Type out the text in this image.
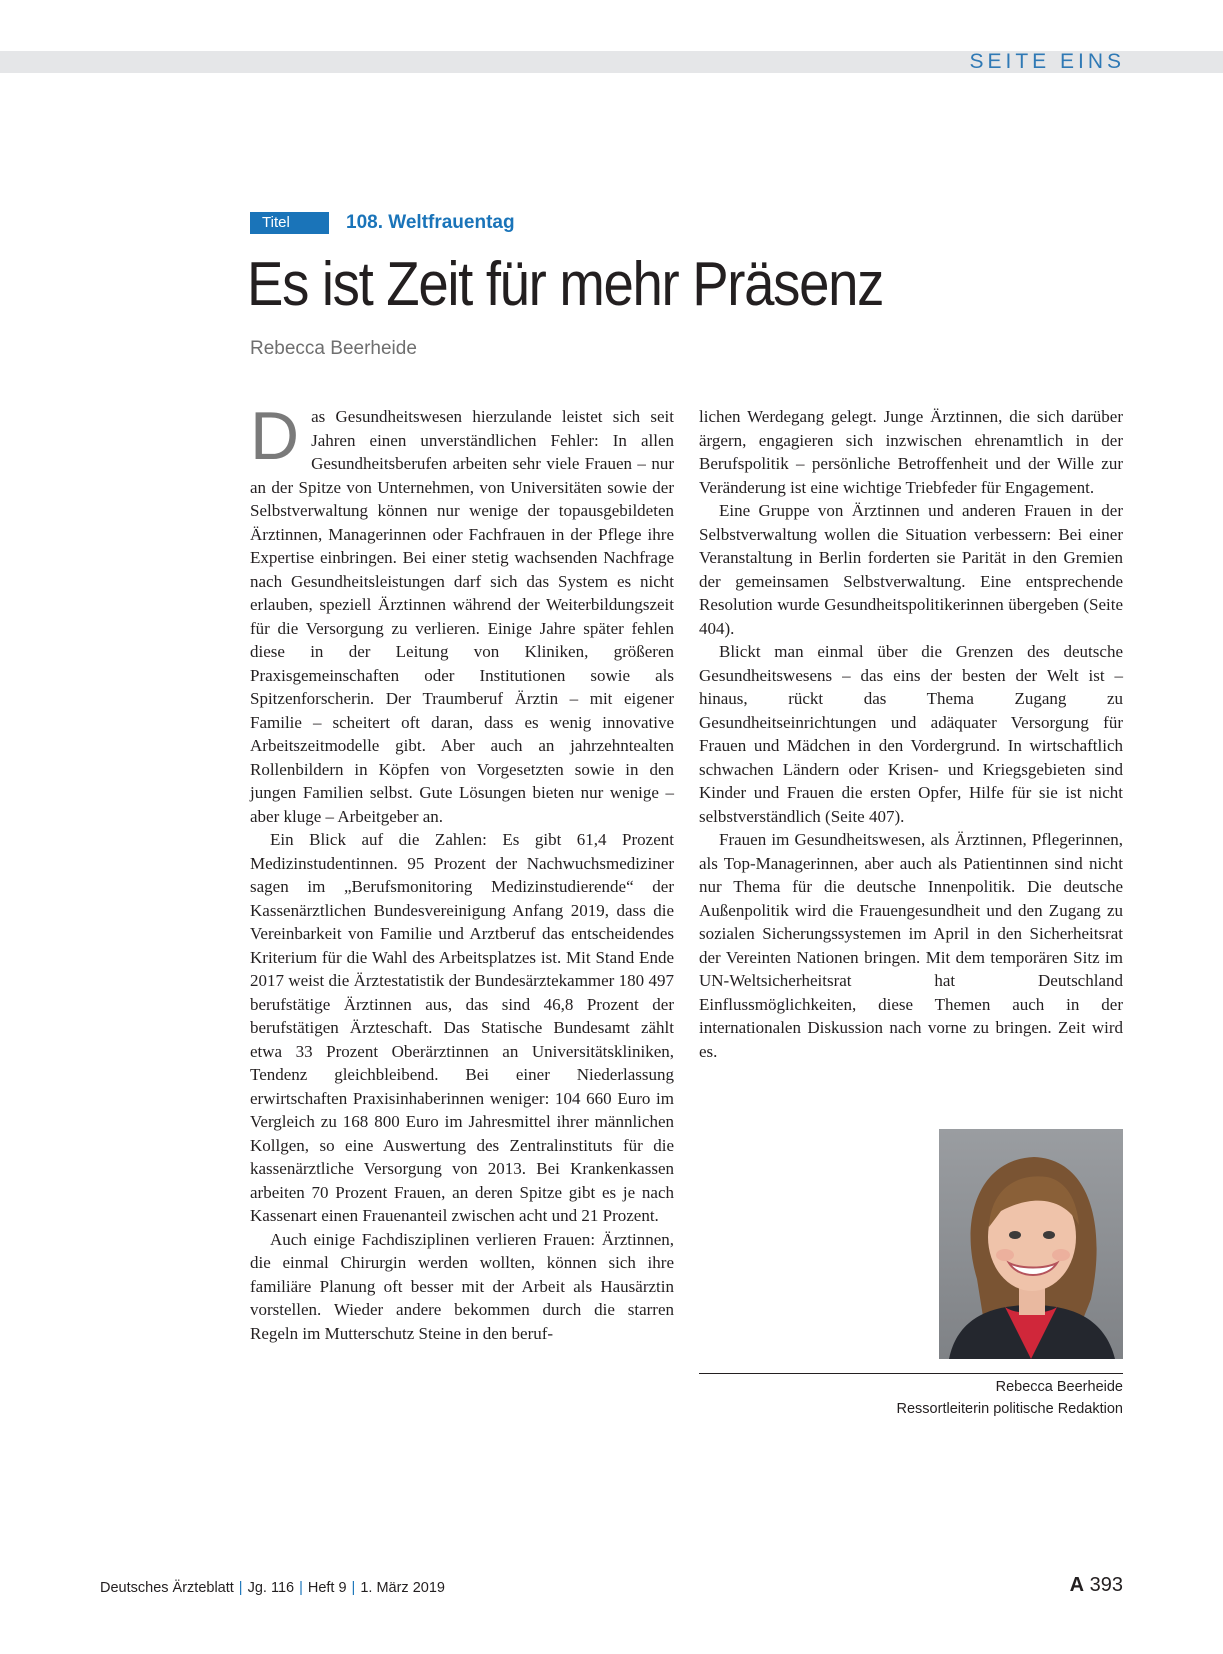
SEITE EINS
Titel	108. Weltfrauentag
Es ist Zeit für mehr Präsenz
Rebecca Beerheide

Das Gesundheitswesen hierzulande leistet sich seit Jahren einen unverständlichen Fehler: In allen Gesundheitsberufen arbeiten sehr viele Frauen – nur an der Spitze von Unternehmen, von Universitäten sowie der Selbstverwaltung können nur wenige der topausgebildeten Ärztinnen, Managerinnen oder Fachfrauen in der Pflege ihre Expertise einbringen. Bei einer stetig wachsenden Nachfrage nach Gesundheitsleistungen darf sich das System es nicht erlauben, speziell Ärztinnen während der Weiterbildungszeit für die Versorgung zu verlieren. Einige Jahre später fehlen diese in der Leitung von Kliniken, größeren Praxisgemeinschaften oder Institutionen sowie als Spitzenforscherin. Der Traumberuf Ärztin – mit eigener Familie – scheitert oft daran, dass es wenig innovative Arbeitszeitmodelle gibt. Aber auch an jahrzehntealten Rollenbildern in Köpfen von Vorgesetzten sowie in den jungen Familien selbst. Gute Lösungen bieten nur wenige – aber kluge – Arbeitgeber an.

Ein Blick auf die Zahlen: Es gibt 61,4 Prozent Medizinstudentinnen. 95 Prozent der Nachwuchsmediziner sagen im „Berufsmonitoring Medizinstudierende“ der Kassenärztlichen Bundesvereinigung Anfang 2019, dass die Vereinbarkeit von Familie und Arztberuf das entscheidendes Kriterium für die Wahl des Arbeitsplatzes ist. Mit Stand Ende 2017 weist die Ärztestatistik der Bundesärztekammer 180 497 berufstätige Ärztinnen aus, das sind 46,8 Prozent der berufstätigen Ärzteschaft. Das Statische Bundesamt zählt etwa 33 Prozent Oberärztinnen an Universitätskliniken, Tendenz gleichbleibend. Bei einer Niederlassung erwirtschaften Praxisinhaberinnen weniger: 104 660 Euro im Vergleich zu 168 800 Euro im Jahresmittel ihrer männlichen Kollgen, so eine Auswertung des Zentralinstituts für die kassenärztliche Versorgung von 2013. Bei Krankenkassen arbeiten 70 Prozent Frauen, an deren Spitze gibt es je nach Kassenart einen Frauenanteil zwischen acht und 21 Prozent.

Auch einige Fachdisziplinen verlieren Frauen: Ärztinnen, die einmal Chirurgin werden wollten, können sich ihre familiäre Planung oft besser mit der Arbeit als Hausärztin vorstellen. Wieder andere bekommen durch die starren Regeln im Mutterschutz Steine in den beruf-

lichen Werdegang gelegt. Junge Ärztinnen, die sich darüber ärgern, engagieren sich inzwischen ehrenamtlich in der Berufspolitik – persönliche Betroffenheit und der Wille zur Veränderung ist eine wichtige Triebfeder für Engagement.

Eine Gruppe von Ärztinnen und anderen Frauen in der Selbstverwaltung wollen die Situation verbessern: Bei einer Veranstaltung in Berlin forderten sie Parität in den Gremien der gemeinsamen Selbstverwaltung. Eine entsprechende Resolution wurde Gesundheitspolitikerinnen übergeben (Seite 404).

Blickt man einmal über die Grenzen des deutsche Gesundheitswesens – das eins der besten der Welt ist – hinaus, rückt das Thema Zugang zu Gesundheitseinrichtungen und adäquater Versorgung für Frauen und Mädchen in den Vordergrund. In wirtschaftlich schwachen Ländern oder Krisen- und Kriegsgebieten sind Kinder und Frauen die ersten Opfer, Hilfe für sie ist nicht selbstverständlich (Seite 407).

Frauen im Gesundheitswesen, als Ärztinnen, Pflegerinnen, als Top-Managerinnen, aber auch als Patientinnen sind nicht nur Thema für die deutsche Innenpolitik. Die deutsche Außenpolitik wird die Frauengesundheit und den Zugang zu sozialen Sicherungssystemen im April in den Sicherheitsrat der Vereinten Nationen bringen. Mit dem temporären Sitz im UN-Weltsicherheitsrat hat Deutschland Einflussmöglichkeiten, diese Themen auch in der internationalen Diskussion nach vorne zu bringen. Zeit wird es.

Rebecca Beerheide
Ressortleiterin politische Redaktion
Deutsches Ärzteblatt | Jg. 116 | Heft 9 | 1. März 2019	A 393
